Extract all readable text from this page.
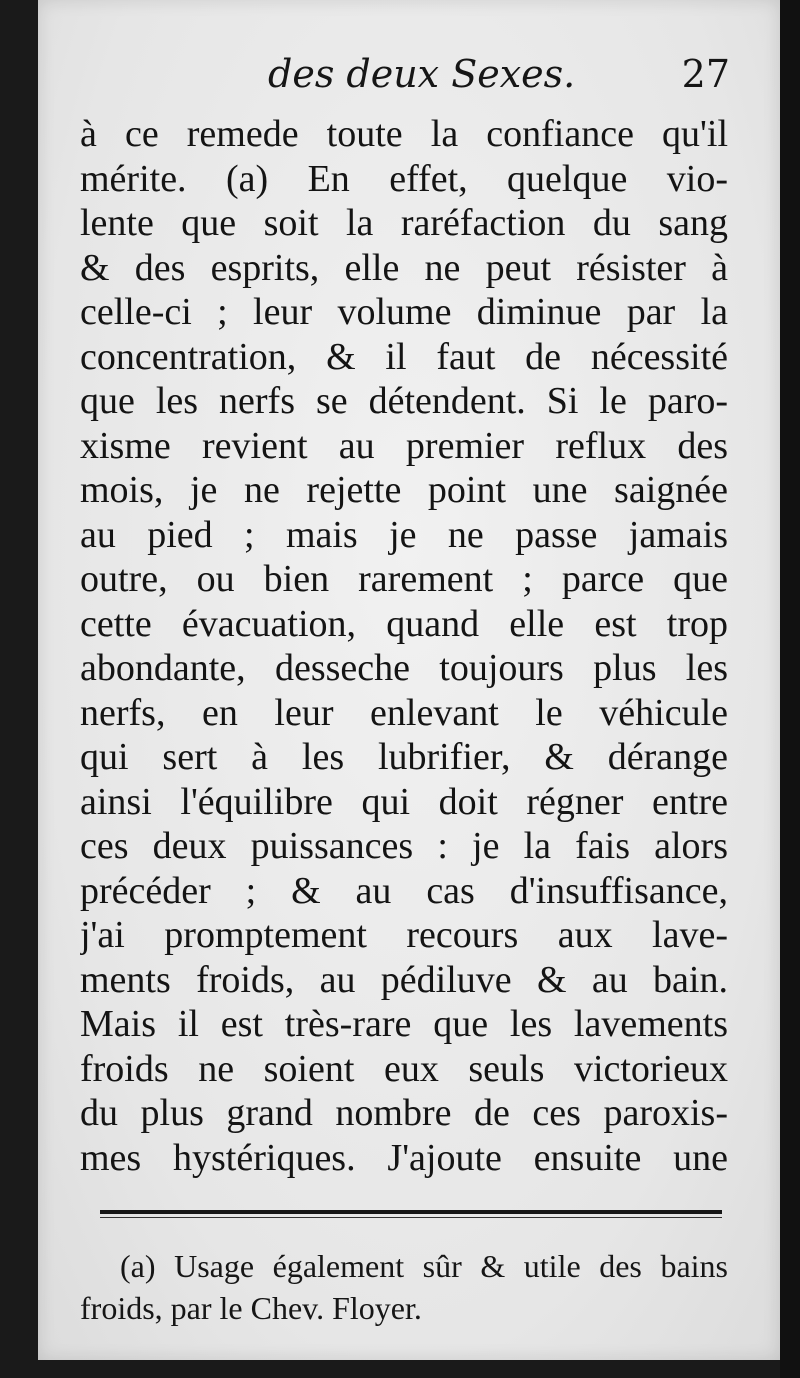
des deux Sexes.	27
à ce remede toute la confiance qu'il
mérite. (a) En effet, quelque vio-
lente que soit la raréfaction du sang
& des esprits, elle ne peut résister à
celle-ci ; leur volume diminue par la
concentration, & il faut de nécessité
que les nerfs se détendent. Si le paro-
xisme revient au premier reflux des
mois, je ne rejette point une saignée
au pied ; mais je ne passe jamais
outre, ou bien rarement ; parce que
cette évacuation, quand elle est trop
abondante, desseche toujours plus les
nerfs, en leur enlevant le véhicule
qui sert à les lubrifier, & dérange
ainsi l'équilibre qui doit régner entre
ces deux puissances : je la fais alors
précéder ; & au cas d'insuffisance,
j'ai promptement recours aux lave-
ments froids, au pédiluve & au bain.
Mais il est très-rare que les lavements
froids ne soient eux seuls victorieux
du plus grand nombre de ces paroxis-
mes hystériques. J'ajoute ensuite une
(a) Usage également sûr & utile des bains
froids, par le Chev. Floyer.
